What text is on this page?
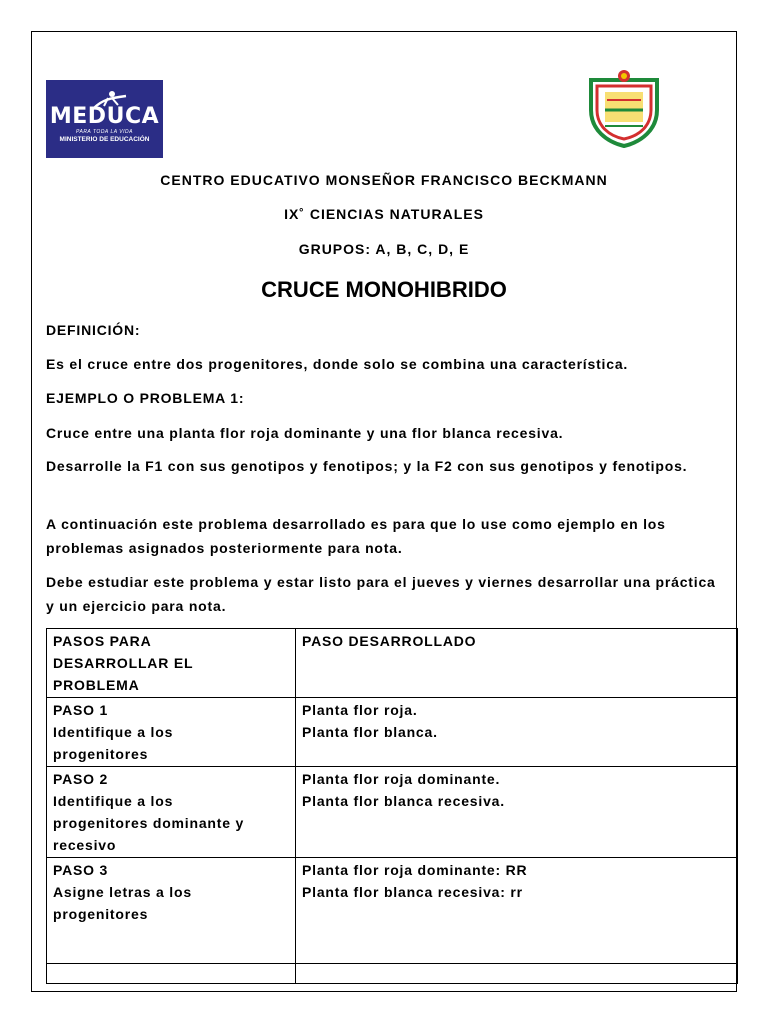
MEDUCA
PARA TODA LA VIDA
MINISTERIO DE EDUCACIÓN
CENTRO EDUCATIVO MONSEÑOR FRANCISCO BECKMANN
IX˚ CIENCIAS NATURALES
GRUPOS: A, B, C, D, E
CRUCE MONOHIBRIDO
DEFINICIÓN:
Es el cruce entre dos progenitores, donde solo se combina una característica.
EJEMPLO O PROBLEMA 1:
Cruce entre una planta flor roja dominante y una flor blanca recesiva.
Desarrolle la F1 con sus genotipos y fenotipos; y la F2 con sus genotipos y fenotipos.
A continuación este problema desarrollado es para que lo use como ejemplo en los problemas asignados posteriormente para nota.
Debe estudiar este problema y estar listo para el jueves y viernes desarrollar una práctica y un ejercicio para nota.
PASOS PARA
DESARROLLAR EL
PROBLEMA	PASO DESARROLLADO

PASO 1
Identifique a los
progenitores	Planta flor roja.
Planta flor blanca.

PASO 2
Identifique a los
progenitores dominante y
recesivo	Planta flor roja dominante.
Planta flor blanca recesiva.

PASO 3
Asigne letras a los
progenitores	Planta flor roja dominante: RR
Planta flor blanca recesiva: rr
